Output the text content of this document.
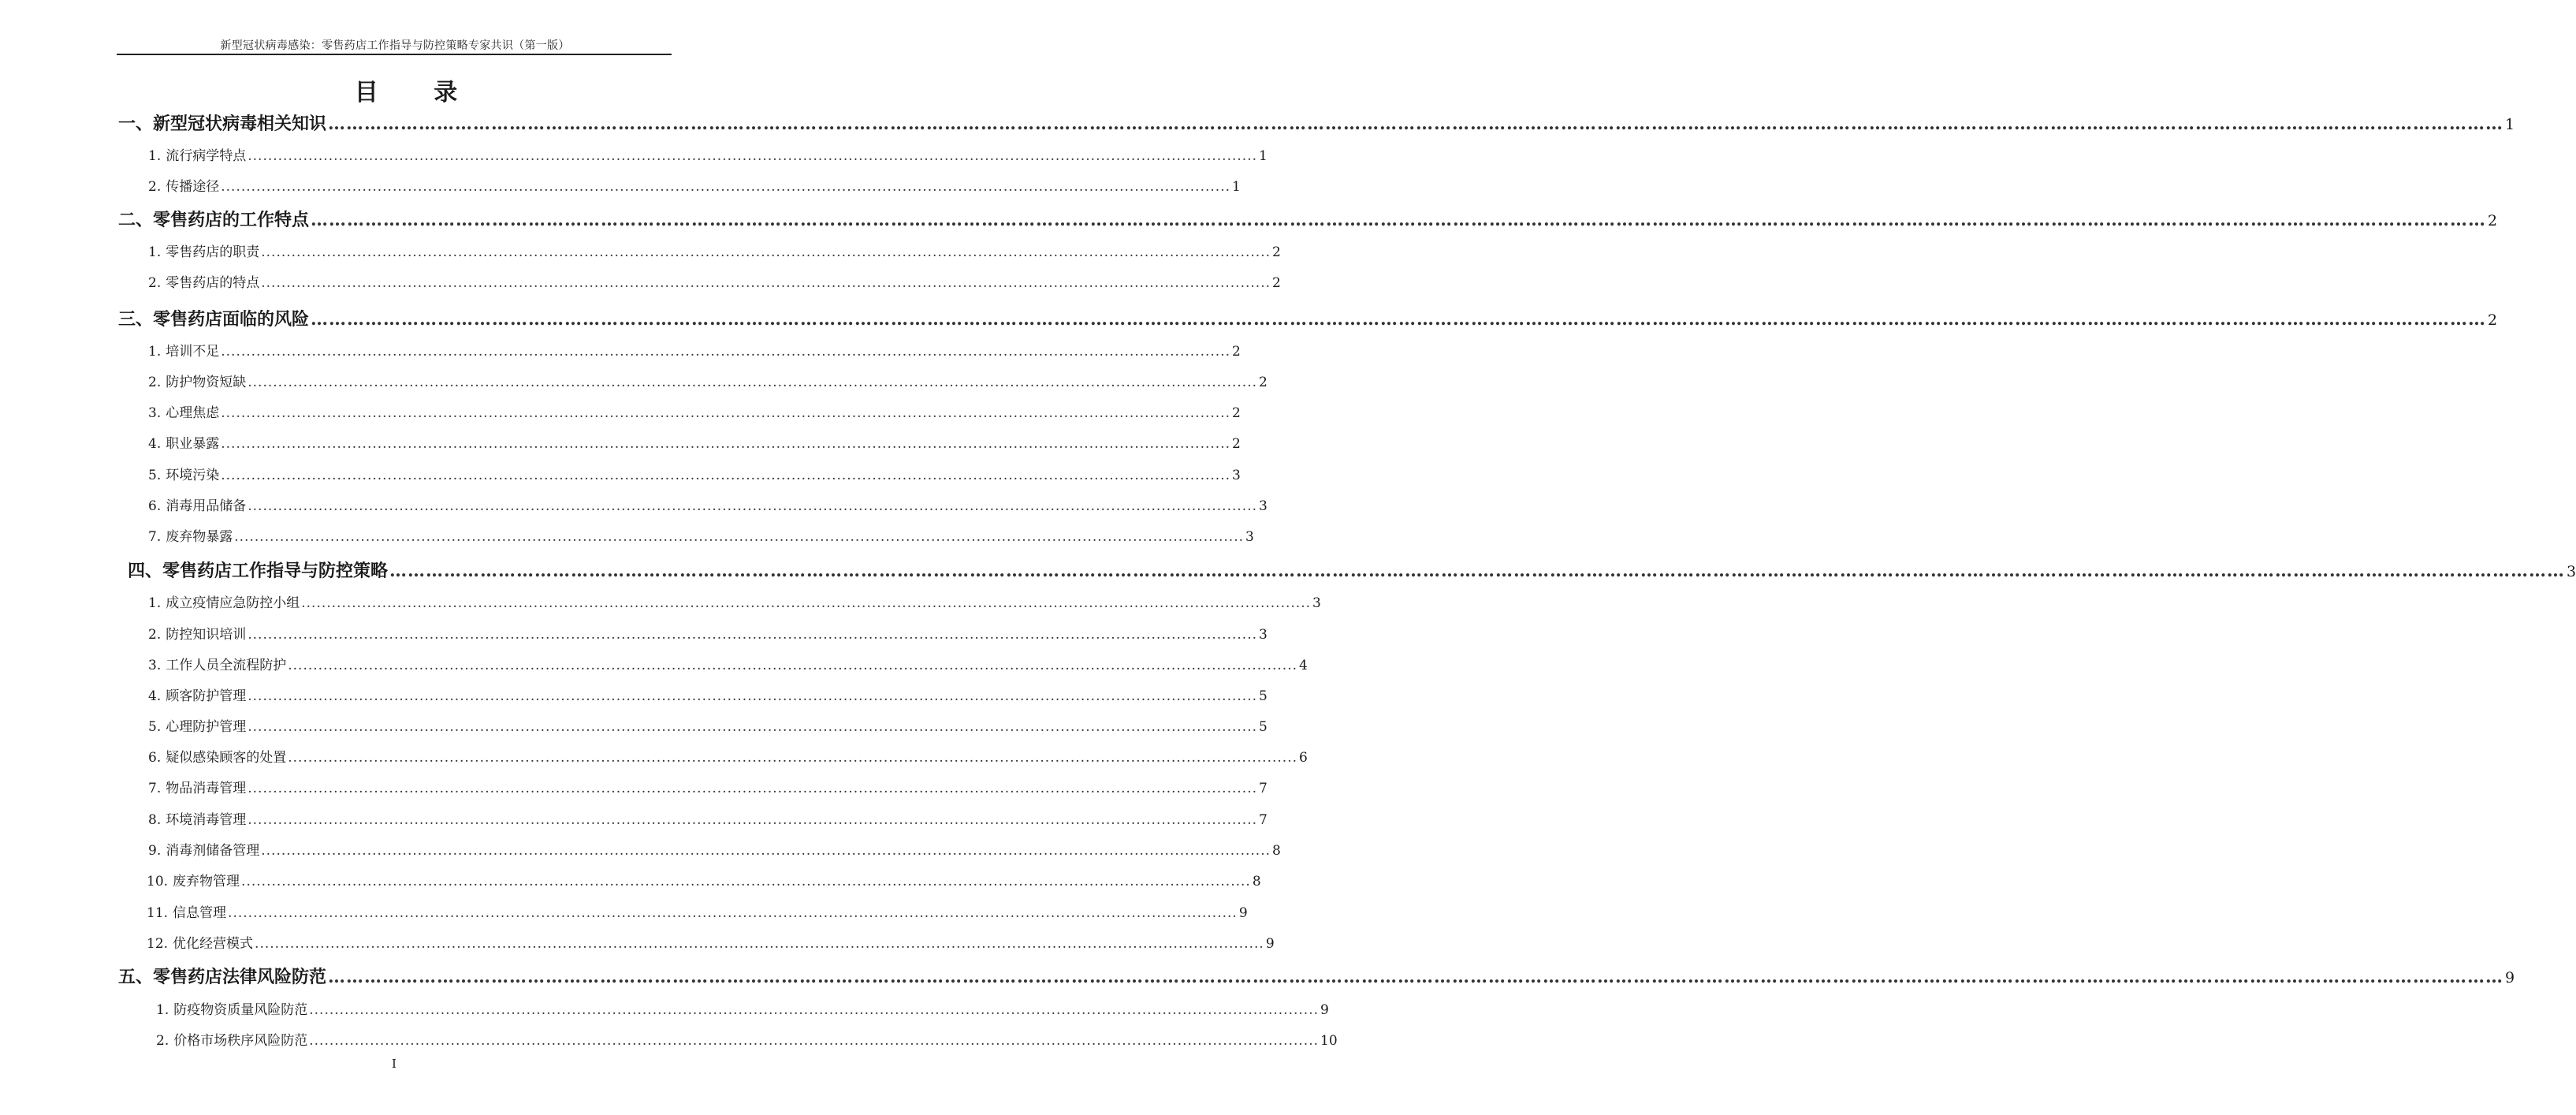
新型冠状病毒感染：零售药店工作指导与防控策略专家共识（第一版）
目 录
一、新型冠状病毒相关知识 ……………………………………………………………………………………………………………………………………………………………………………………………………………………………………………………………………………………………………………………………… 1
1. 流行病学特点 ........................................................................................................................................................................................................ 1
2. 传播途径 ........................................................................................................................................................................................................ 1
二、零售药店的工作特点 ……………………………………………………………………………………………………………………………………………………………………………………………………………………………………………………………………………………………………………………………… 2
1. 零售药店的职责 ........................................................................................................................................................................................................ 2
2. 零售药店的特点 ........................................................................................................................................................................................................ 2
三、零售药店面临的风险 ……………………………………………………………………………………………………………………………………………………………………………………………………………………………………………………………………………………………………………………………… 2
1. 培训不足 ........................................................................................................................................................................................................ 2
2. 防护物资短缺 ........................................................................................................................................................................................................ 2
3. 心理焦虑 ........................................................................................................................................................................................................ 2
4. 职业暴露 ........................................................................................................................................................................................................ 2
5. 环境污染 ........................................................................................................................................................................................................ 3
6. 消毒用品储备 ........................................................................................................................................................................................................ 3
7. 废弃物暴露 ........................................................................................................................................................................................................ 3
四、零售药店工作指导与防控策略 ……………………………………………………………………………………………………………………………………………………………………………………………………………………………………………………………………………………………………………………………… 3
1. 成立疫情应急防控小组 ........................................................................................................................................................................................................ 3
2. 防控知识培训 ........................................................................................................................................................................................................ 3
3. 工作人员全流程防护 ........................................................................................................................................................................................................ 4
4. 顾客防护管理 ........................................................................................................................................................................................................ 5
5. 心理防护管理 ........................................................................................................................................................................................................ 5
6. 疑似感染顾客的处置 ........................................................................................................................................................................................................ 6
7. 物品消毒管理 ........................................................................................................................................................................................................ 7
8. 环境消毒管理 ........................................................................................................................................................................................................ 7
9. 消毒剂储备管理 ........................................................................................................................................................................................................ 8
10. 废弃物管理 ........................................................................................................................................................................................................ 8
11. 信息管理 ........................................................................................................................................................................................................ 9
12. 优化经营模式 ........................................................................................................................................................................................................ 9
五、零售药店法律风险防范 ……………………………………………………………………………………………………………………………………………………………………………………………………………………………………………………………………………………………………………………………… 9
1. 防疫物资质量风险防范 ........................................................................................................................................................................................................ 9
2. 价格市场秩序风险防范 ........................................................................................................................................................................................................ 10
I
